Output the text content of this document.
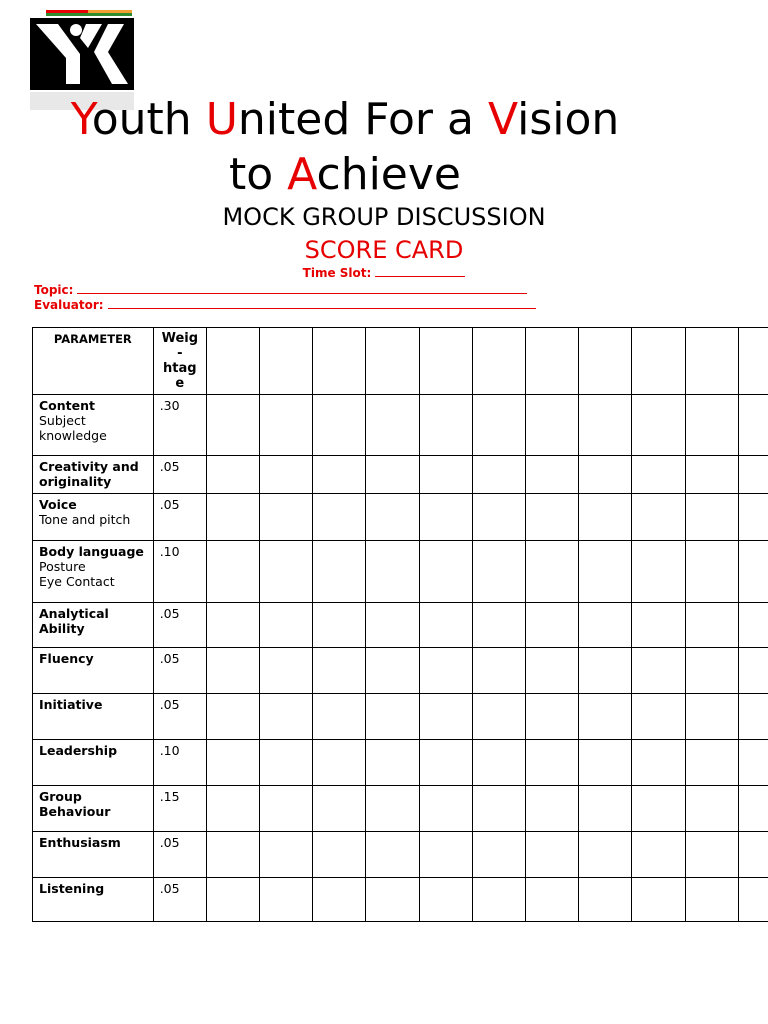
Youth United For a Vision
to Achieve
MOCK GROUP DISCUSSION
SCORE CARD
Time Slot:
Topic:
Evaluator:
PARAMETER	Weig
-
htag
e											

Content
Subject
knowledge	.30											

Creativity and originality	.05											

Voice
Tone and pitch	.05											

Body language
Posture
Eye Contact	.10											

Analytical Ability	.05											

Fluency	.05											

Initiative	.05											

Leadership	.10											

Group Behaviour	.15											

Enthusiasm	.05											

Listening	.05											
